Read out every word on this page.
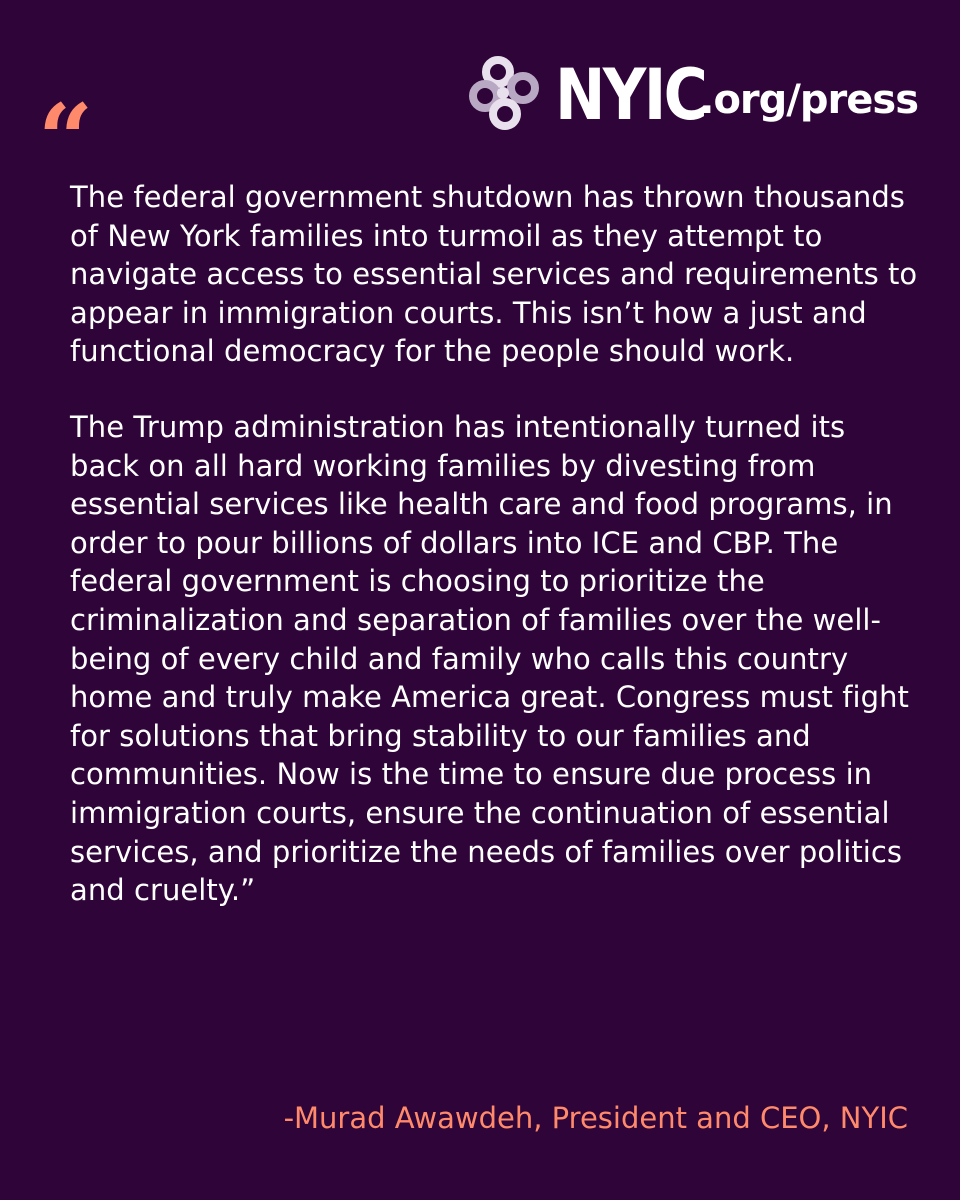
NYIC
.org/press
“

The federal government shutdown has thrown thousands of New York families into turmoil as they attempt to navigate access to essential services and requirements to appear in immigration courts. This isn’t how a just and functional democracy for the people should work.

The Trump administration has intentionally turned its back on all hard working families by divesting from essential services like health care and food programs, in order to pour billions of dollars into ICE and CBP. The federal government is choosing to prioritize the criminalization and separation of families over the well-being of every child and family who calls this country home and truly make America great. Congress must fight for solutions that bring stability to our families and communities. Now is the time to ensure due process in immigration courts, ensure the continuation of essential services, and prioritize the needs of families over politics and cruelty.”

-Murad Awawdeh, President and CEO, NYIC
